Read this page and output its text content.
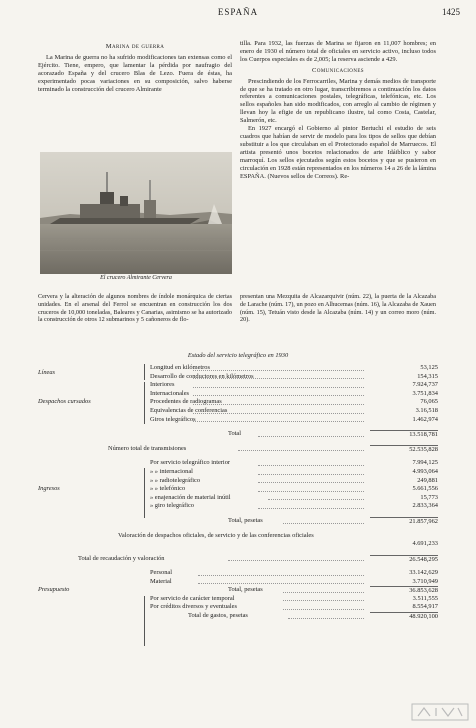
ESPAÑA	1425
Marina de guerra

La Marina de guerra no ha sufrido modificaciones tan extensas como el Ejército. Tiene, empero, que lamentar la pérdida por naufragio del acorazado España y del crucero Blas de Lezo. Fuera de éstas, ha experimentado pocas variaciones en su composición, salvo haberse terminado la construcción del crucero Almirante

El crucero Almirante Cervera

tilla. Para 1932, las fuerzas de Marina se fijaron en 11,007 hombres; en enero de 1930 el número total de oficiales en servicio activo, incluso todos los Cuerpos especiales es de 2,005; la reserva asciende a 429.

Comunicaciones

Prescindiendo de los Ferrocarriles, Marina y demás medios de transporte de que se ha tratado en otro lugar, transcribiremos a continuación los datos referentes a comunicaciones postales, telegráficas, telefónicas, etc. Los sellos españoles han sido modificados, con arreglo al cambio de régimen y llevan hoy la efigie de un republicano ilustre, tal como Costa, Castelar, Salmerón, etc.

En 1927 encargó el Gobierno al pintor Bertuchi el estudio de seis cuadros que habían de servir de modelo para los tipos de sellos que debían substituir a los que circulaban en el Protectorado español de Marruecos. El artista presentó unos bocetos relacionados de arte Idáiblico y sabor marroquí. Los sellos ejecutados según estos bocetos y que se pusieron en circulación en 1928 están representados en los números 14 a 26 de la lámina ESPAÑA. (Nuevos sellos de Correos). Re-

Cervera y la alteración de algunos nombres de índole monárquica de ciertas unidades. En el arsenal del Ferrol se encuentran en construcción los dos cruceros de 10,000 toneladas, Baleares y Canarias, asimismo se ha autorizado la construcción de otros 12 submarinos y 5 cañoneros de flo-
presentan una Mezquita de Alcazarquivir (núm. 22), la puerta de la Alcazaba de Larache (núm. 17), un pozo en Alhucemas (núm. 16), la Alcazaba de Xauen (núm. 15), Tetuán visto desde la Alcazaba (núm. 14) y un correo moro (núm. 20).
Estado del servicio telegráfico en 1930
Longitud en kilómetros	53,125
Líneas
Desarrollo de conductores en kilómetros	154,315
Interiores	7.924,737
Internacionales	3.751,834
Despachos cursados	Procedentes de radiogramas	76,065
Equivalencias de conferencias	3.16,518
Giros telegráficos	1.462,974
Total	13.518,781
Número total de transmisiones	52.535,828
Por servicio telegráfico interior	7.994,125
» » internacional	4.993,064
» » radiotelegráfico	249,881
Ingresos	» » telefónico	5.661,556
» enajenación de material inútil	15,773
» giro telegráfico	2.833,364
Total, pesetas	21.857,962
Valoración de despachos oficiales, de servicio y de las conferencias oficiales
4.691,233
Total de recaudación y valoración	26.548,295
Personal	33.142,629
Material	3.710,949
Presupuesto	Total, pesetas	36.853,628
Por servicio de carácter temporal	3.511,555
Por créditos diversos y eventuales	8.554,917
Total de gastos, pesetas	48.920,100
